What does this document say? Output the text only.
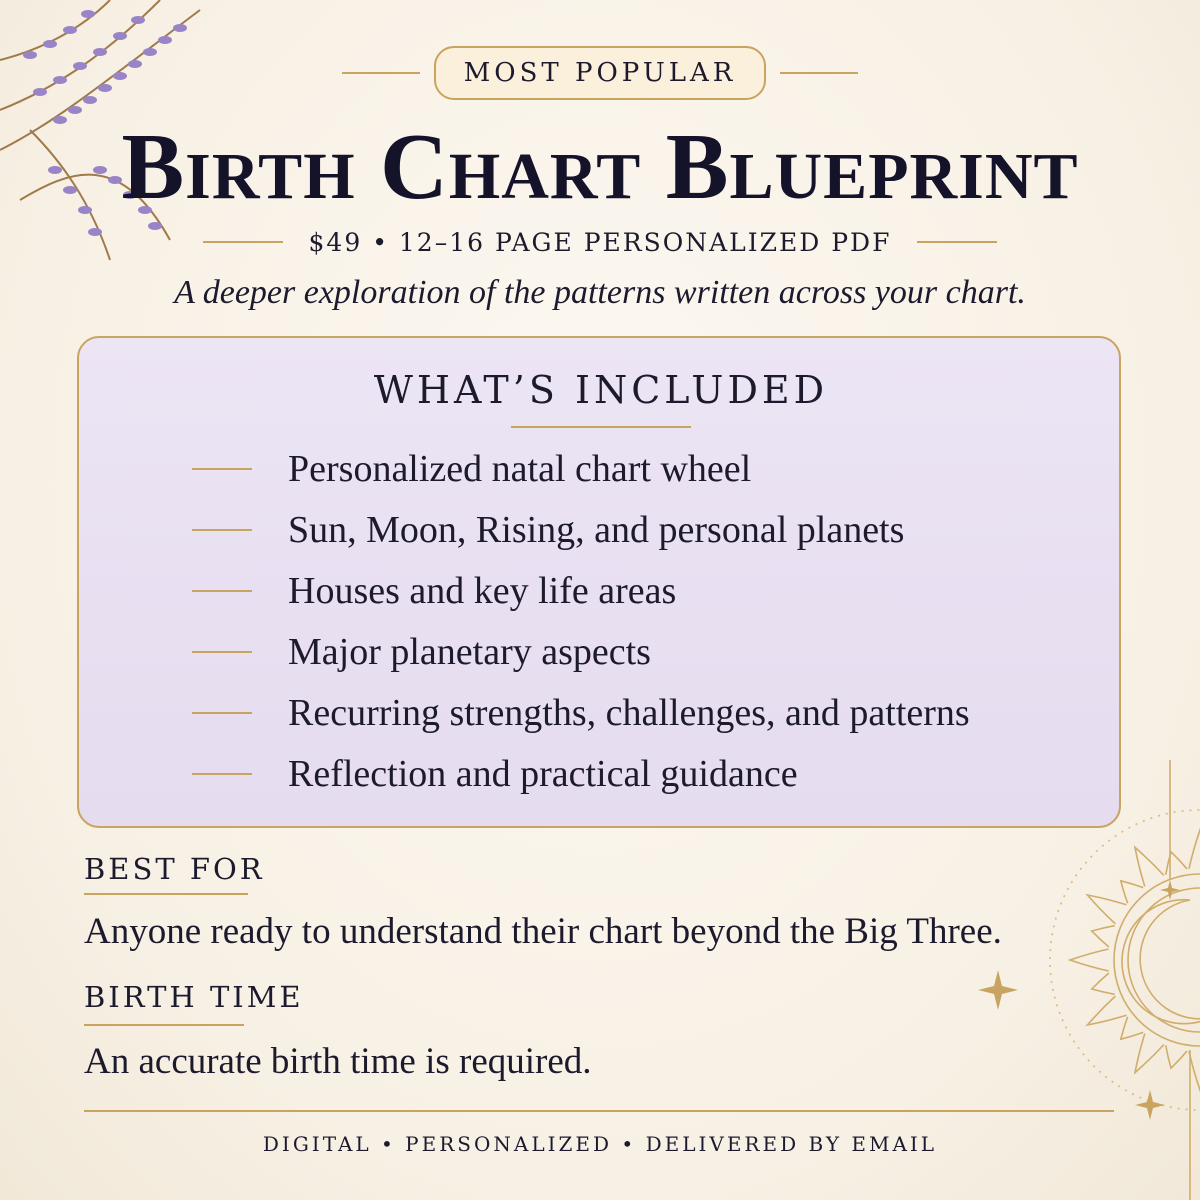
MOST POPULAR
Birth Chart Blueprint
$49 • 12–16 PAGE PERSONALIZED PDF
A deeper exploration of the patterns written across your chart.
WHAT’S INCLUDED
Personalized natal chart wheel
Sun, Moon, Rising, and personal planets
Houses and key life areas
Major planetary aspects
Recurring strengths, challenges, and patterns
Reflection and practical guidance
BEST FOR
Anyone ready to understand their chart beyond the Big Three.
BIRTH TIME
An accurate birth time is required.
DIGITAL • PERSONALIZED • DELIVERED BY EMAIL
